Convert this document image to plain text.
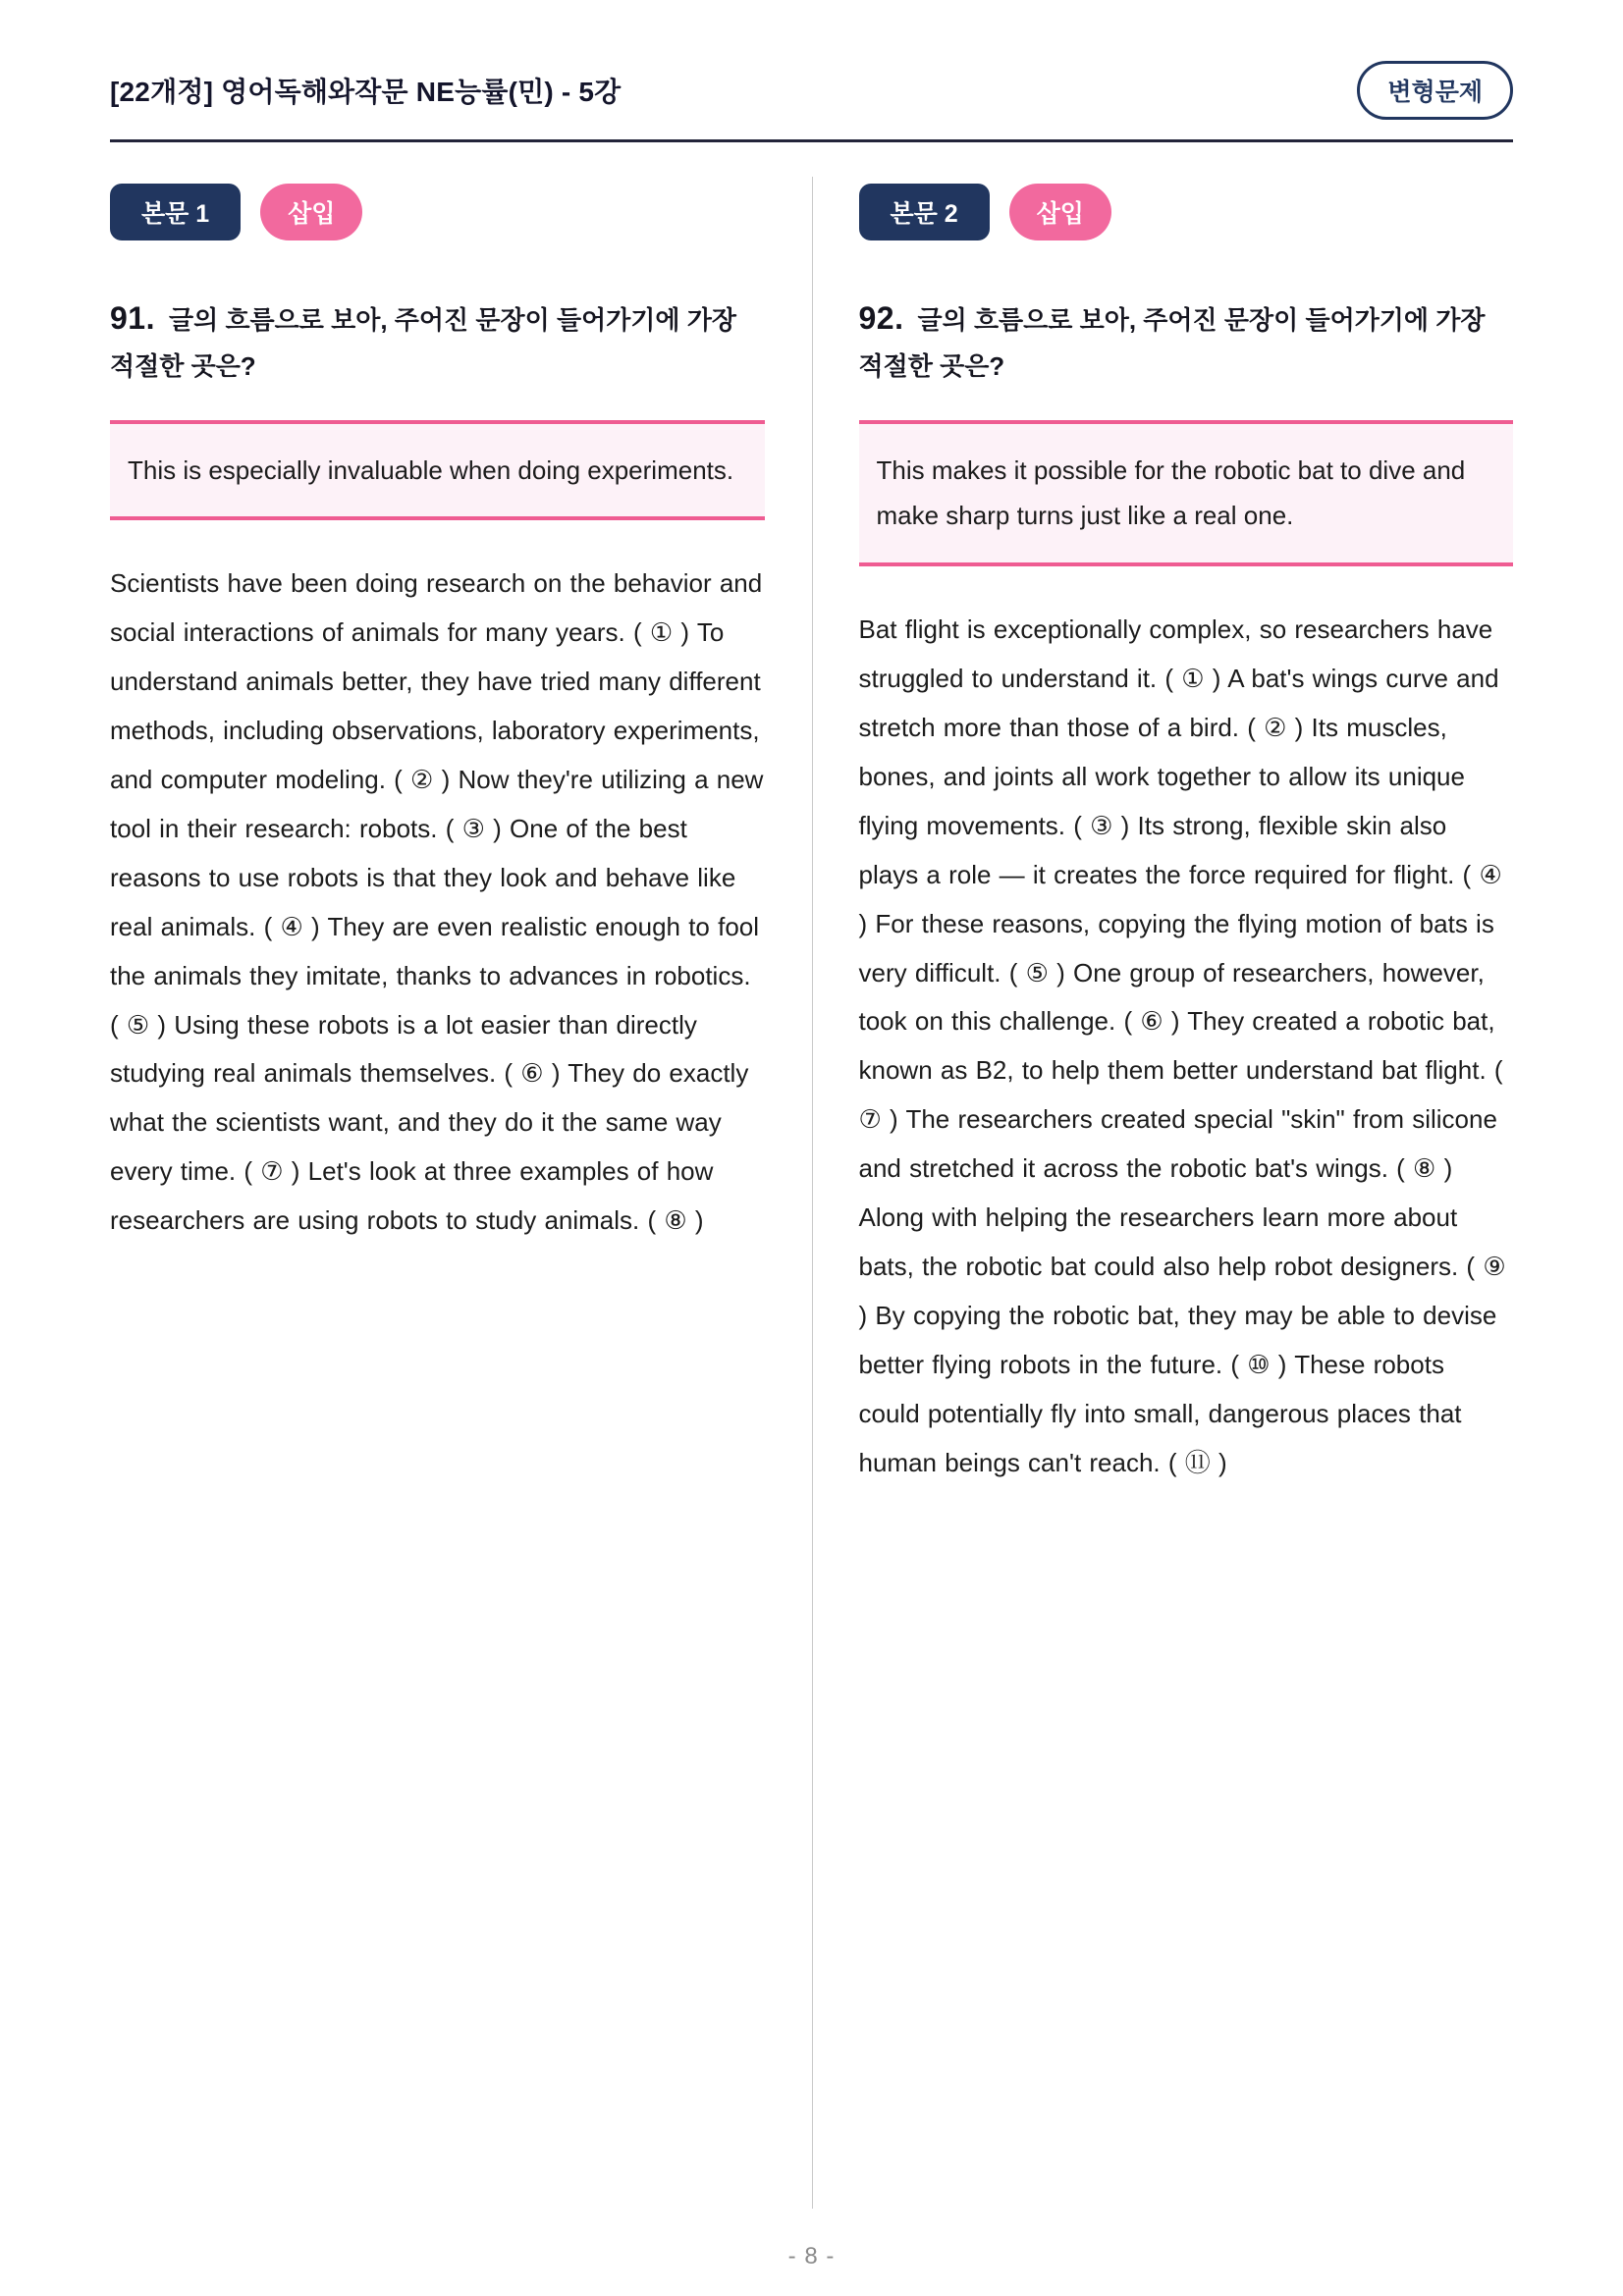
[22개정] 영어독해와작문 NE능률(민) - 5강	변형문제
본문 1	삽입

91. 글의 흐름으로 보아, 주어진 문장이 들어가기에 가장 적절한 곳은?

This is especially invaluable when doing experiments.

Scientists have been doing research on the behavior and social interactions of animals for many years. ( ① ) To understand animals better, they have tried many different methods, including observations, laboratory experiments, and computer modeling. ( ② ) Now they're utilizing a new tool in their research: robots. ( ③ ) One of the best reasons to use robots is that they look and behave like real animals. ( ④ ) They are even realistic enough to fool the animals they imitate, thanks to advances in robotics. ( ⑤ ) Using these robots is a lot easier than directly studying real animals themselves. ( ⑥ ) They do exactly what the scientists want, and they do it the same way every time. ( ⑦ ) Let's look at three examples of how researchers are using robots to study animals. ( ⑧ )

본문 2	삽입

92. 글의 흐름으로 보아, 주어진 문장이 들어가기에 가장 적절한 곳은?

This makes it possible for the robotic bat to dive and make sharp turns just like a real one.

Bat flight is exceptionally complex, so researchers have struggled to understand it. ( ① ) A bat's wings curve and stretch more than those of a bird. ( ② ) Its muscles, bones, and joints all work together to allow its unique flying movements. ( ③ ) Its strong, flexible skin also plays a role — it creates the force required for flight. ( ④ ) For these reasons, copying the flying motion of bats is very difficult. ( ⑤ ) One group of researchers, however, took on this challenge. ( ⑥ ) They created a robotic bat, known as B2, to help them better understand bat flight. ( ⑦ ) The researchers created special "skin" from silicone and stretched it across the robotic bat's wings. ( ⑧ ) Along with helping the researchers learn more about bats, the robotic bat could also help robot designers. ( ⑨ ) By copying the robotic bat, they may be able to devise better flying robots in the future. ( ⑩ ) These robots could potentially fly into small, dangerous places that human beings can't reach. ( ⑪ )

- 8 -
